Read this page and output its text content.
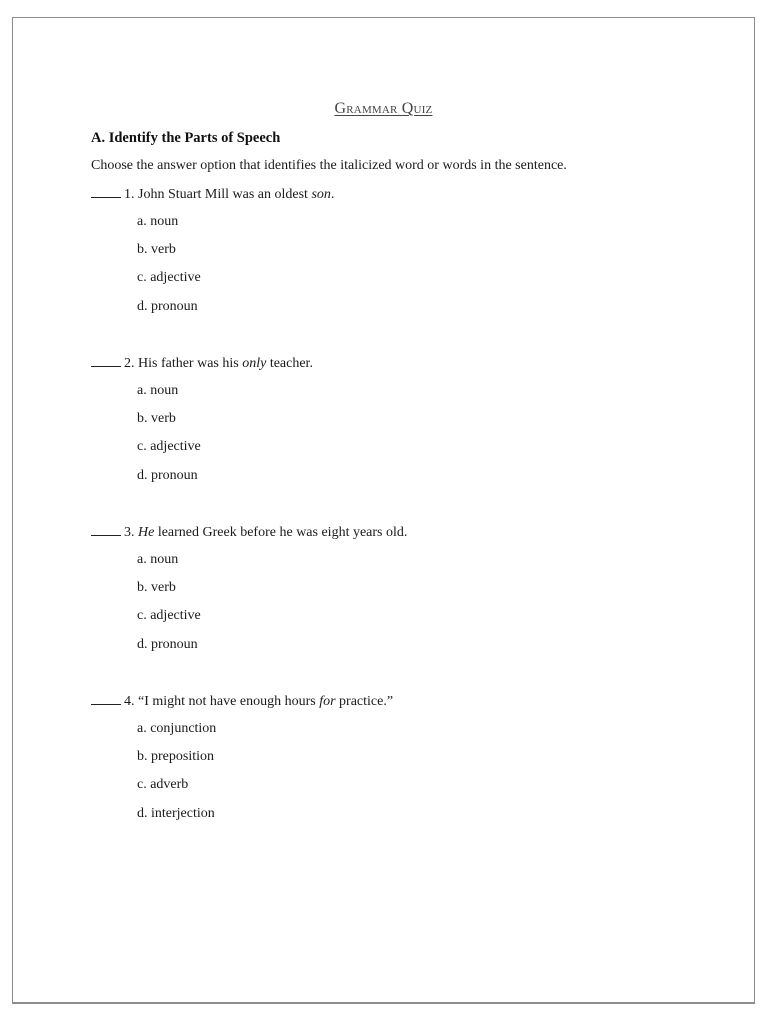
Grammar Quiz
A. Identify the Parts of Speech
Choose the answer option that identifies the italicized word or words in the sentence.
1. John Stuart Mill was an oldest son.
a. noun
b. verb
c. adjective
d. pronoun
2. His father was his only teacher.
a. noun
b. verb
c. adjective
d. pronoun
3. He learned Greek before he was eight years old.
a. noun
b. verb
c. adjective
d. pronoun
4. “I might not have enough hours for practice.”
a. conjunction
b. preposition
c. adverb
d. interjection
